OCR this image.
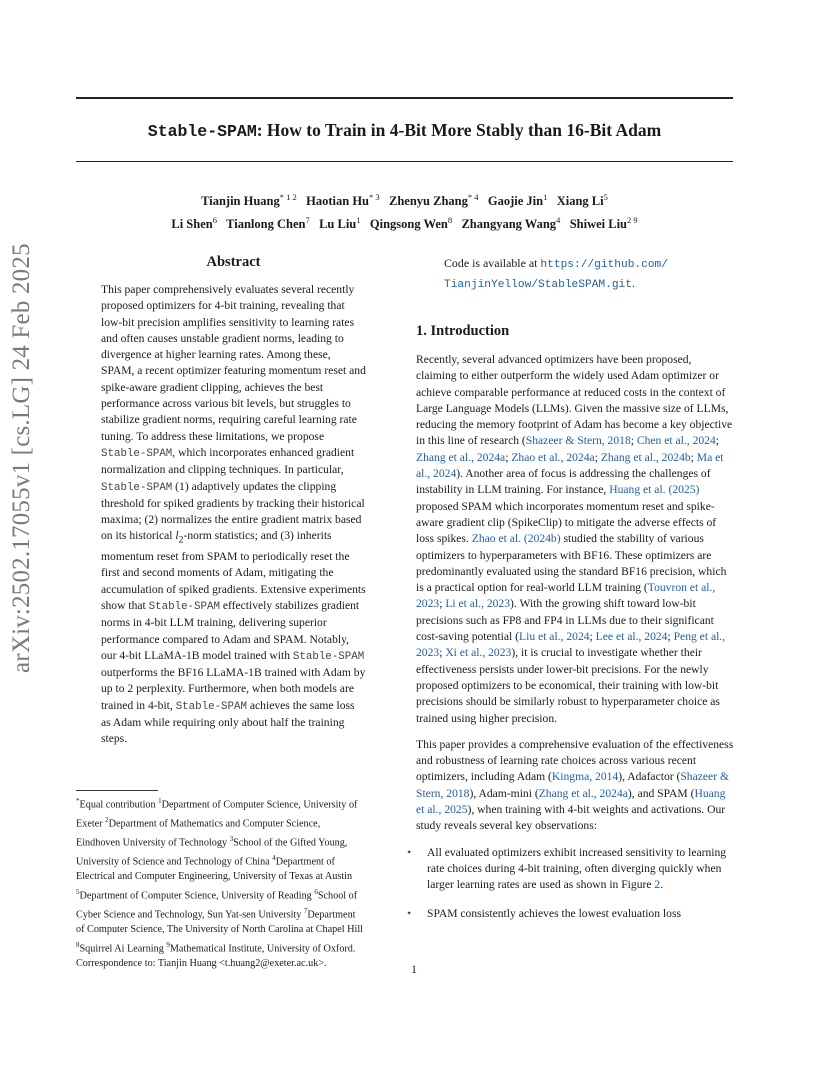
arXiv:2502.17055v1 [cs.LG] 24 Feb 2025
Stable-SPAM: How to Train in 4-Bit More Stably than 16-Bit Adam
Tianjin Huang$^{* 1 2}$ Haotian Hu$^{* 3}$ Zhenyu Zhang$^{* 4}$ Gaojie Jin$^1$ Xiang Li$^5$
Li Shen$^6$ Tianlong Chen$^7$ Lu Liu$^1$ Qingsong Wen$^8$ Zhangyang Wang$^4$ Shiwei Liu$^{2 9}$
Abstract

This paper comprehensively evaluates several recently proposed optimizers for 4-bit training, revealing that low-bit precision amplifies sensitivity to learning rates and often causes unstable gradient norms, leading to divergence at higher learning rates. Among these, SPAM, a recent optimizer featuring momentum reset and spike-aware gradient clipping, achieves the best performance across various bit levels, but struggles to stabilize gradient norms, requiring careful learning rate tuning. To address these limitations, we propose Stable-SPAM, which incorporates enhanced gradient normalization and clipping techniques. In particular, Stable-SPAM (1) adaptively updates the clipping threshold for spiked gradients by tracking their historical maxima; (2) normalizes the entire gradient matrix based on its historical $l_2$-norm statistics; and (3) inherits momentum reset from SPAM to periodically reset the first and second moments of Adam, mitigating the accumulation of spiked gradients. Extensive experiments show that Stable-SPAM effectively stabilizes gradient norms in 4-bit LLM training, delivering superior performance compared to Adam and SPAM. Notably, our 4-bit LLaMA-1B model trained with Stable-SPAM outperforms the BF16 LLaMA-1B trained with Adam by up to 2 perplexity. Furthermore, when both models are trained in 4-bit, Stable-SPAM achieves the same loss as Adam while requiring only about half the training steps.

*Equal contribution $^1$Department of Computer Science, University of Exeter $^2$Department of Mathematics and Computer Science, Eindhoven University of Technology $^3$School of the Gifted Young, University of Science and Technology of China $^4$Department of Electrical and Computer Engineering, University of Texas at Austin $^5$Department of Computer Science, University of Reading $^6$School of Cyber Science and Technology, Sun Yat-sen University $^7$Department of Computer Science, The University of North Carolina at Chapel Hill $^8$Squirrel Ai Learning $^9$Mathematical Institute, University of Oxford. Correspondence to: Tianjin Huang <t.huang2@exeter.ac.uk>.

Code is available at https://github.com/
TianjinYellow/StableSPAM.git.

1. Introduction

Recently, several advanced optimizers have been proposed, claiming to either outperform the widely used Adam optimizer or achieve comparable performance at reduced costs in the context of Large Language Models (LLMs). Given the massive size of LLMs, reducing the memory footprint of Adam has become a key objective in this line of research (Shazeer & Stern, 2018; Chen et al., 2024; Zhang et al., 2024a; Zhao et al., 2024a; Zhang et al., 2024b; Ma et al., 2024). Another area of focus is addressing the challenges of instability in LLM training. For instance, Huang et al. (2025) proposed SPAM which incorporates momentum reset and spike-aware gradient clip (SpikeClip) to mitigate the adverse effects of loss spikes. Zhao et al. (2024b) studied the stability of various optimizers to hyperparameters with BF16. These optimizers are predominantly evaluated using the standard BF16 precision, which is a practical option for real-world LLM training (Touvron et al., 2023; Li et al., 2023). With the growing shift toward low-bit precisions such as FP8 and FP4 in LLMs due to their significant cost-saving potential (Liu et al., 2024; Lee et al., 2024; Peng et al., 2023; Xi et al., 2023), it is crucial to investigate whether their effectiveness persists under lower-bit precisions. For the newly proposed optimizers to be economical, their training with low-bit precisions should be similarly robust to hyperparameter choice as trained using higher precision.

This paper provides a comprehensive evaluation of the effectiveness and robustness of learning rate choices across various recent optimizers, including Adam (Kingma, 2014), Adafactor (Shazeer & Stern, 2018), Adam-mini (Zhang et al., 2024a), and SPAM (Huang et al., 2025), when training with 4-bit weights and activations. Our study reveals several key observations:

⋆ All evaluated optimizers exhibit increased sensitivity to learning rate choices during 4-bit training, often diverging quickly when larger learning rates are used as shown in Figure 2.
⋆ SPAM consistently achieves the lowest evaluation loss
1
